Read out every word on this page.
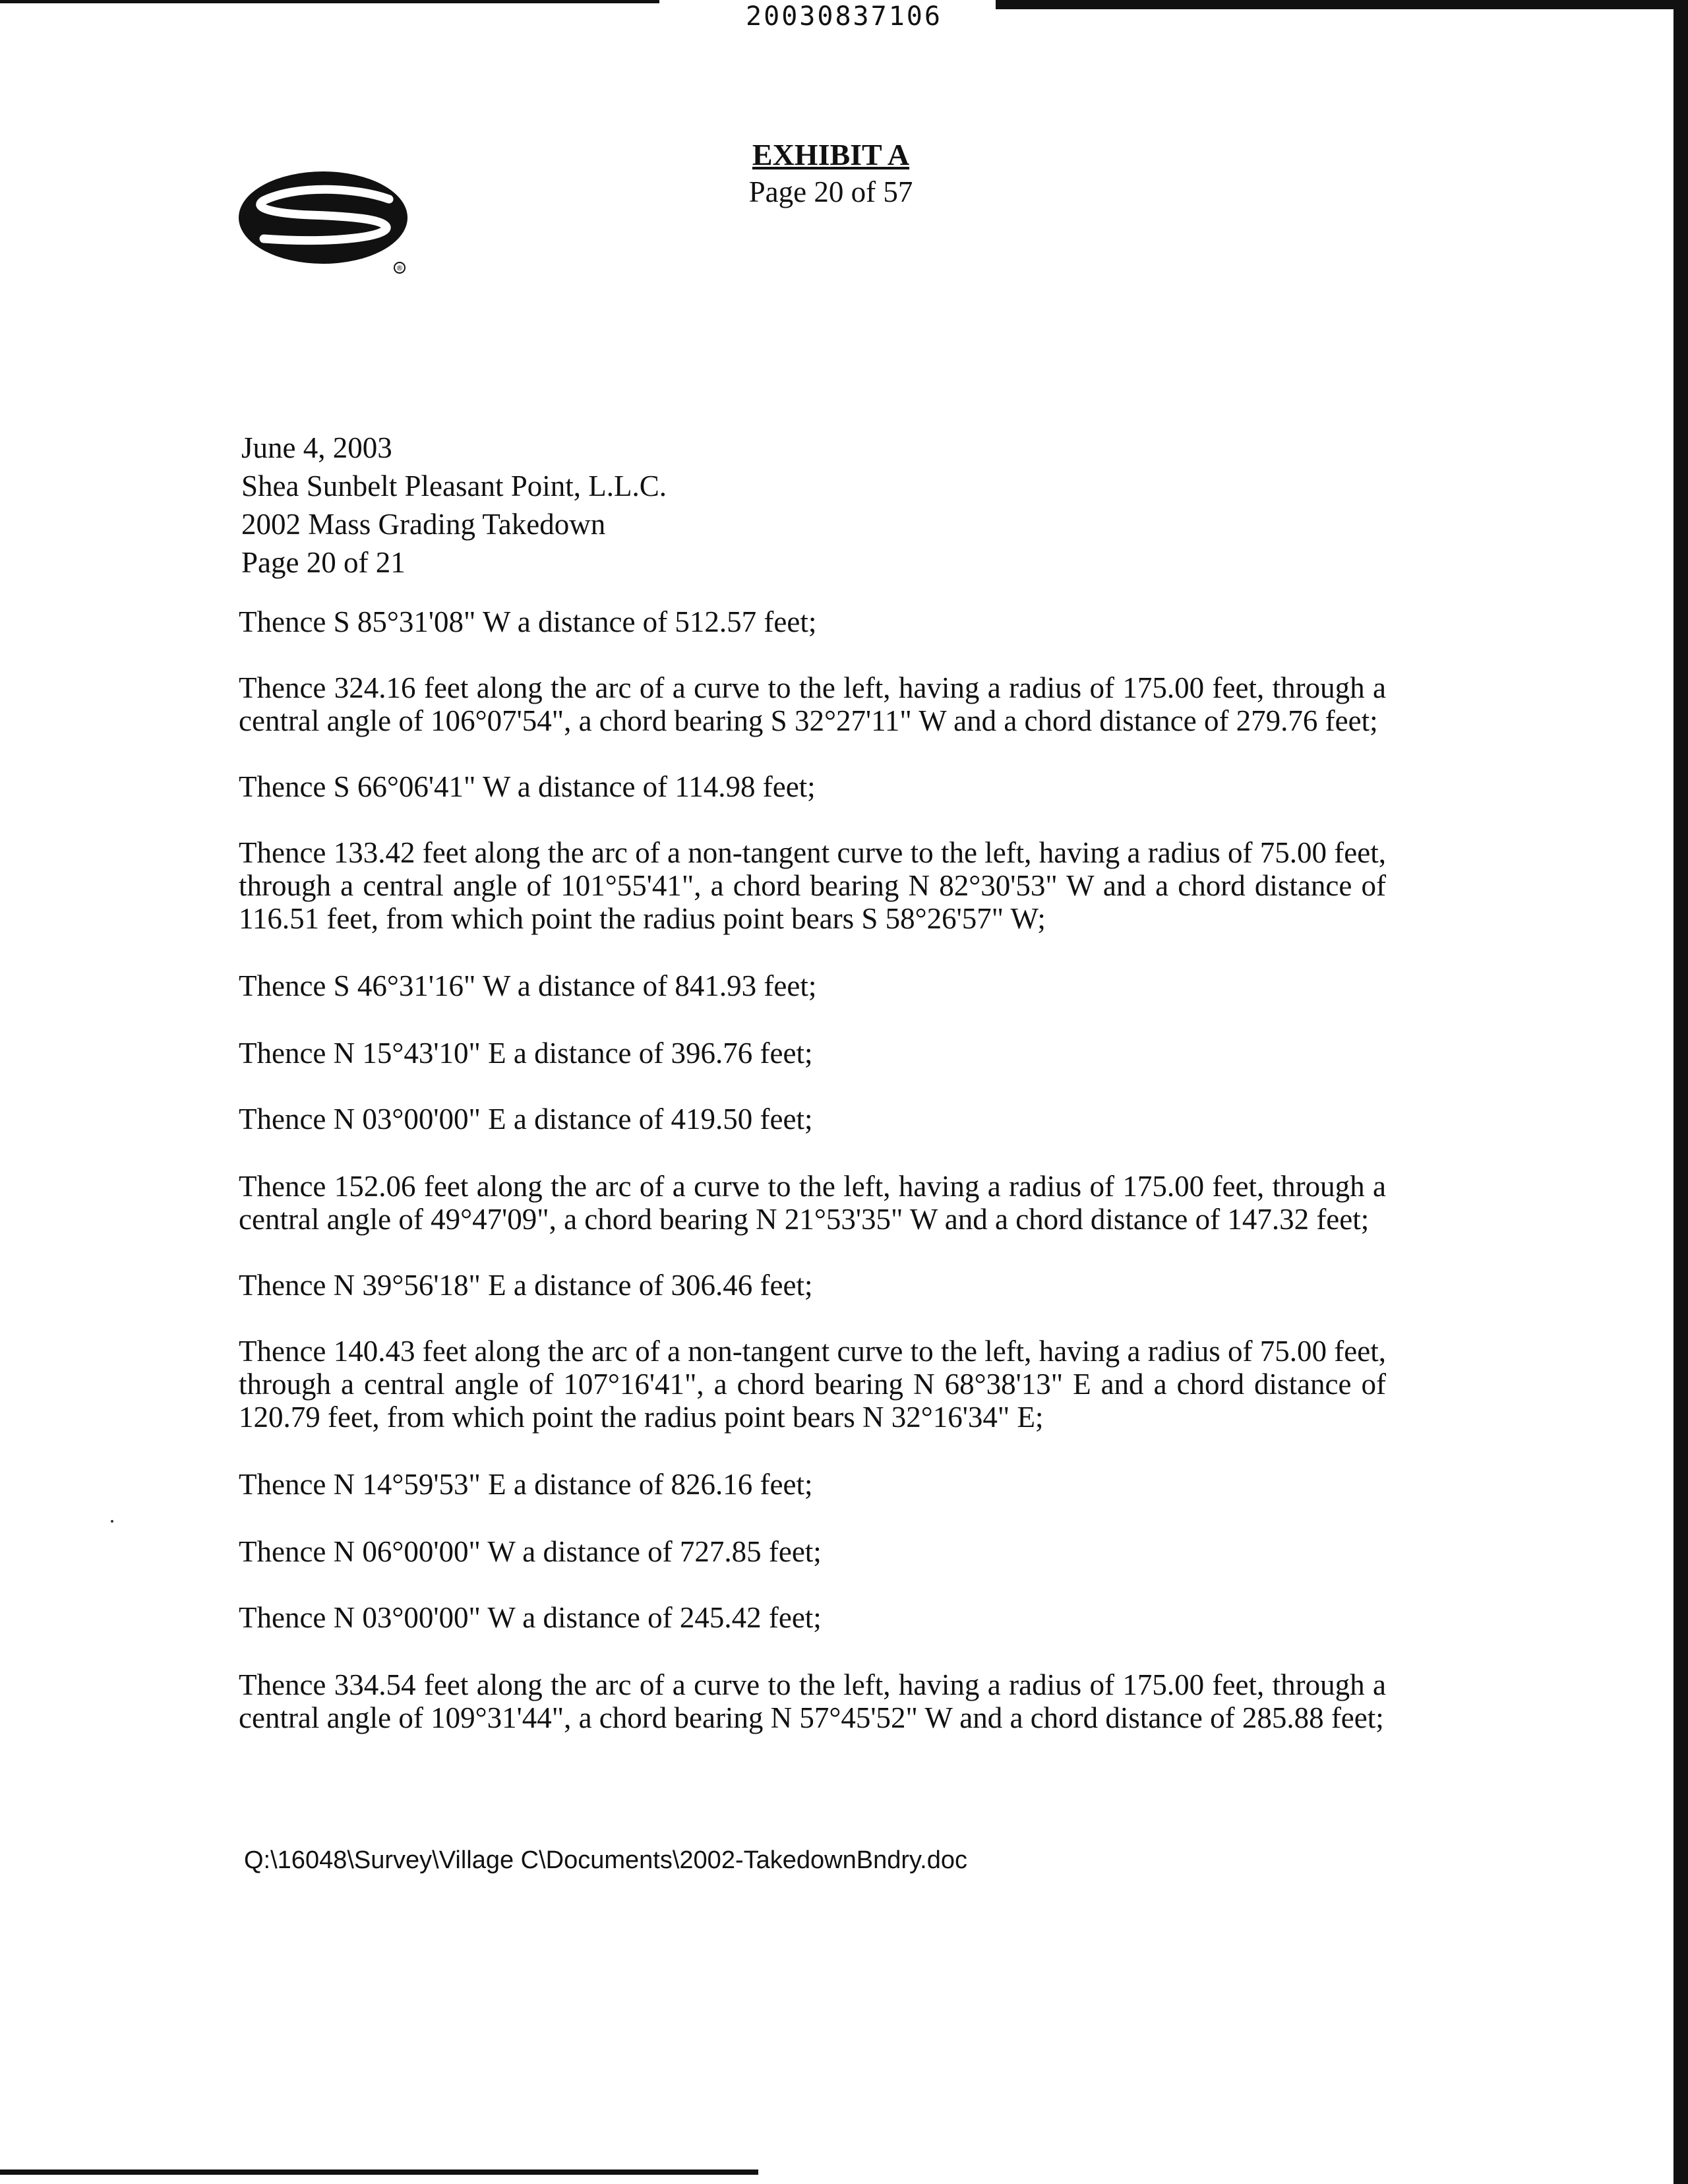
20030837106
EXHIBIT A
Page 20 of 57
®
June 4, 2003
Shea Sunbelt Pleasant Point, L.L.C.
2002 Mass Grading Takedown
Page 20 of 21
Thence S 85°31'08" W a distance of 512.57 feet;
Thence 324.16 feet along the arc of a curve to the left, having a radius of 175.00 feet, through a central angle of 106°07'54", a chord bearing S 32°27'11" W and a chord distance of 279.76 feet;
Thence S 66°06'41" W a distance of 114.98 feet;
Thence 133.42 feet along the arc of a non-tangent curve to the left, having a radius of 75.00 feet, through a central angle of 101°55'41", a chord bearing N 82°30'53" W and a chord distance of 116.51 feet, from which point the radius point bears S 58°26'57" W;
Thence S 46°31'16" W a distance of 841.93 feet;
Thence N 15°43'10" E a distance of 396.76 feet;
Thence N 03°00'00" E a distance of 419.50 feet;
Thence 152.06 feet along the arc of a curve to the left, having a radius of 175.00 feet, through a central angle of 49°47'09", a chord bearing N 21°53'35" W and a chord distance of 147.32 feet;
Thence N 39°56'18" E a distance of 306.46 feet;
Thence 140.43 feet along the arc of a non-tangent curve to the left, having a radius of 75.00 feet, through a central angle of 107°16'41", a chord bearing N 68°38'13" E and a chord distance of 120.79 feet, from which point the radius point bears N 32°16'34" E;
Thence N 14°59'53" E a distance of 826.16 feet;
Thence N 06°00'00" W a distance of 727.85 feet;
Thence N 03°00'00" W a distance of 245.42 feet;
Thence 334.54 feet along the arc of a curve to the left, having a radius of 175.00 feet, through a central angle of 109°31'44", a chord bearing N 57°45'52" W and a chord distance of 285.88 feet;
Q:\16048\Survey\Village C\Documents\2002-TakedownBndry.doc
